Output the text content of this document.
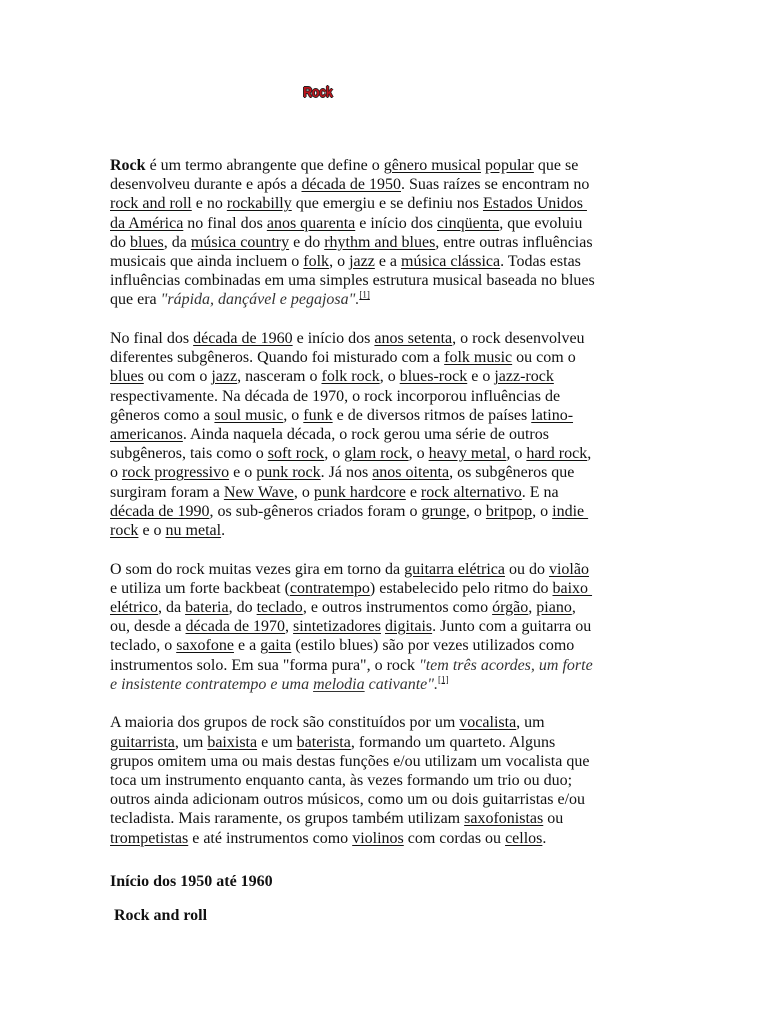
Rock
Rock é um termo abrangente que define o gênero musical popular que se
desenvolveu durante e após a década de 1950. Suas raízes se encontram no
rock and roll e no rockabilly que emergiu e se definiu nos Estados Unidos
da América no final dos anos quarenta e início dos cinqüenta, que evoluiu
do blues, da música country e do rhythm and blues, entre outras influências
musicais que ainda incluem o folk, o jazz e a música clássica. Todas estas
influências combinadas em uma simples estrutura musical baseada no blues
que era "rápida, dançável e pegajosa".[1]
No final dos década de 1960 e início dos anos setenta, o rock desenvolveu
diferentes subgêneros. Quando foi misturado com a folk music ou com o
blues ou com o jazz, nasceram o folk rock, o blues-rock e o jazz-rock
respectivamente. Na década de 1970, o rock incorporou influências de
gêneros como a soul music, o funk e de diversos ritmos de países latino-
americanos. Ainda naquela década, o rock gerou uma série de outros
subgêneros, tais como o soft rock, o glam rock, o heavy metal, o hard rock,
o rock progressivo e o punk rock. Já nos anos oitenta, os subgêneros que
surgiram foram a New Wave, o punk hardcore e rock alternativo. E na
década de 1990, os sub-gêneros criados foram o grunge, o britpop, o indie
rock e o nu metal.
O som do rock muitas vezes gira em torno da guitarra elétrica ou do violão
e utiliza um forte backbeat (contratempo) estabelecido pelo ritmo do baixo
elétrico, da bateria, do teclado, e outros instrumentos como órgão, piano,
ou, desde a década de 1970, sintetizadores digitais. Junto com a guitarra ou
teclado, o saxofone e a gaita (estilo blues) são por vezes utilizados como
instrumentos solo. Em sua "forma pura", o rock "tem três acordes, um forte
e insistente contratempo e uma melodia cativante".[1]
A maioria dos grupos de rock são constituídos por um vocalista, um
guitarrista, um baixista e um baterista, formando um quarteto. Alguns
grupos omitem uma ou mais destas funções e/ou utilizam um vocalista que
toca um instrumento enquanto canta, às vezes formando um trio ou duo;
outros ainda adicionam outros músicos, como um ou dois guitarristas e/ou
tecladista. Mais raramente, os grupos também utilizam saxofonistas ou
trompetistas e até instrumentos como violinos com cordas ou cellos.

Início dos 1950 até 1960

Rock and roll
